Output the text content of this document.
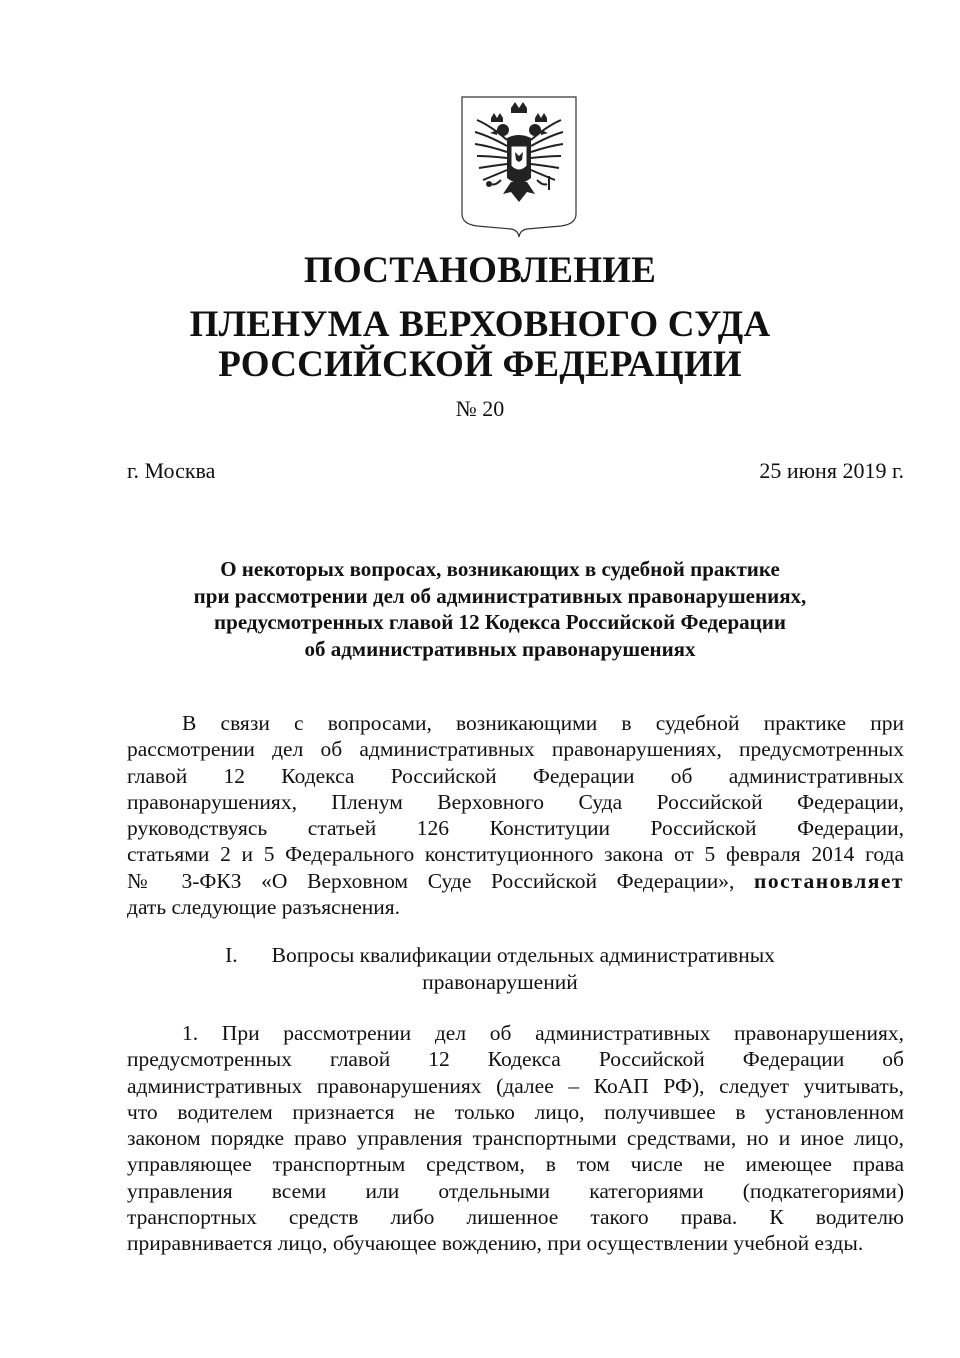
ПОСТАНОВЛЕНИЕ
ПЛЕНУМА ВЕРХОВНОГО СУДА
РОССИЙСКОЙ ФЕДЕРАЦИИ
№ 20
г. Москва	25 июня 2019 г.
О некоторых вопросах, возникающих в судебной практике
при рассмотрении дел об административных правонарушениях,
предусмотренных главой 12 Кодекса Российской Федерации
об административных правонарушениях
В связи с вопросами, возникающими в судебной практике при
рассмотрении дел об административных правонарушениях, предусмотренных
главой 12 Кодекса Российской Федерации об административных
правонарушениях, Пленум Верховного Суда Российской Федерации,
руководствуясь статьей 126 Конституции Российской Федерации,
статьями 2 и 5 Федерального конституционного закона от 5 февраля 2014 года
№ 3-ФКЗ «О Верховном Суде Российской Федерации», постановляет
дать следующие разъяснения.
I. Вопросы квалификации отдельных административных
правонарушений
1. При рассмотрении дел об административных правонарушениях,
предусмотренных главой 12 Кодекса Российской Федерации об
административных правонарушениях (далее – КоАП РФ), следует учитывать,
что водителем признается не только лицо, получившее в установленном
законом порядке право управления транспортными средствами, но и иное лицо,
управляющее транспортным средством, в том числе не имеющее права
управления всеми или отдельными категориями (подкатегориями)
транспортных средств либо лишенное такого права. К водителю
приравнивается лицо, обучающее вождению, при осуществлении учебной езды.
